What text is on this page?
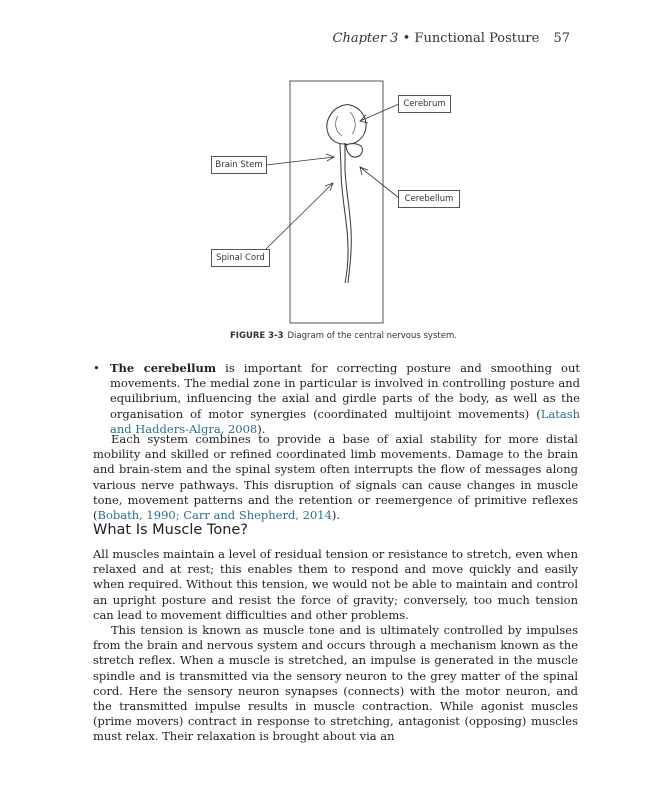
Chapter 3 • Functional Posture 57
Cerebrum
Brain Stem
Cerebellum
Spinal Cord
FIGURE 3-3 Diagram of the central nervous system.
• The cerebellum is important for correcting posture and smoothing out movements. The medial zone in particular is involved in controlling posture and equilibrium, influencing the axial and girdle parts of the body, as well as the organisation of motor synergies (coordinated multijoint movements) (Latash and Hadders-Algra, 2008).

Each system combines to provide a base of axial stability for more distal mobility and skilled or refined coordinated limb movements. Damage to the brain and brain-stem and the spinal system often interrupts the flow of messages along various nerve pathways. This disruption of signals can cause changes in muscle tone, movement patterns and the retention or reemergence of primitive reflexes (Bobath, 1990; Carr and Shepherd, 2014).

What Is Muscle Tone?

All muscles maintain a level of residual tension or resistance to stretch, even when relaxed and at rest; this enables them to respond and move quickly and easily when required. Without this tension, we would not be able to maintain and control an upright posture and resist the force of gravity; conversely, too much tension can lead to movement difficulties and other problems.

This tension is known as muscle tone and is ultimately controlled by impulses from the brain and nervous system and occurs through a mechanism known as the stretch reflex. When a muscle is stretched, an impulse is generated in the muscle spindle and is transmitted via the sensory neuron to the grey matter of the spinal cord. Here the sensory neuron synapses (connects) with the motor neuron, and the transmitted impulse results in muscle contraction. While agonist muscles (prime movers) contract in response to stretching, antagonist (opposing) muscles must relax. Their relaxation is brought about via an
